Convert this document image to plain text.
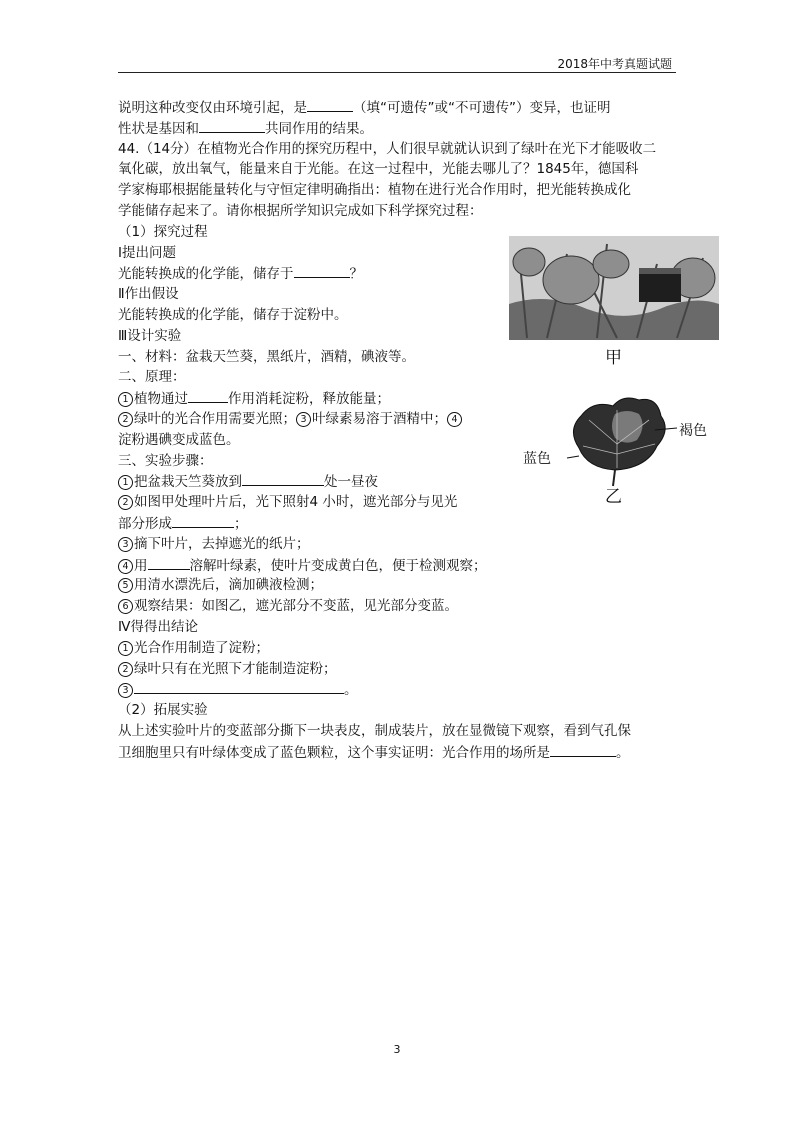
2018年中考真题试题
说明这种改变仅由环境引起，是	（填“可遗传”或“不可遗传”）变异，也证明
性状是基因和	共同作用的结果。
44.（14分）在植物光合作用的探究历程中，人们很早就就认识到了绿叶在光下才能吸收二
氧化碳，放出氧气，能量来自于光能。在这一过程中，光能去哪儿了？1845年，德国科
学家梅耶根据能量转化与守恒定律明确指出：植物在进行光合作用时，把光能转换成化
学能储存起来了。请你根据所学知识完成如下科学探究过程：
（1）探究过程
Ⅰ提出问题
光能转换成的化学能，储存于	？
Ⅱ作出假设
光能转换成的化学能，储存于淀粉中。
Ⅲ设计实验
一、材料：盆栽天竺葵，黑纸片，酒精，碘液等。
二、原理：
1 植物通过	作用消耗淀粉，释放能量；
2 绿叶的光合作用需要光照； 3 叶绿素易溶于酒精中； 4
淀粉遇碘变成蓝色。
三、实验步骤：
1 把盆栽天竺葵放到	处一昼夜
2 如图甲处理叶片后，光下照射4 小时，遮光部分与见光
部分形成	；
3 摘下叶片，去掉遮光的纸片；
4 用	溶解叶绿素，使叶片变成黄白色，便于检测观察；
5 用清水漂洗后，滴加碘液检测；
6 观察结果：如图乙，遮光部分不变蓝，见光部分变蓝。
Ⅳ得得出结论
1 光合作用制造了淀粉；
2 绿叶只有在光照下才能制造淀粉；
3	。
（2）拓展实验
从上述实验叶片的变蓝部分撕下一块表皮，制成装片，放在显微镜下观察，看到气孔保
卫细胞里只有叶绿体变成了蓝色颗粒，这个事实证明：光合作用的场所是	。
甲
乙
蓝色
褐色
3
